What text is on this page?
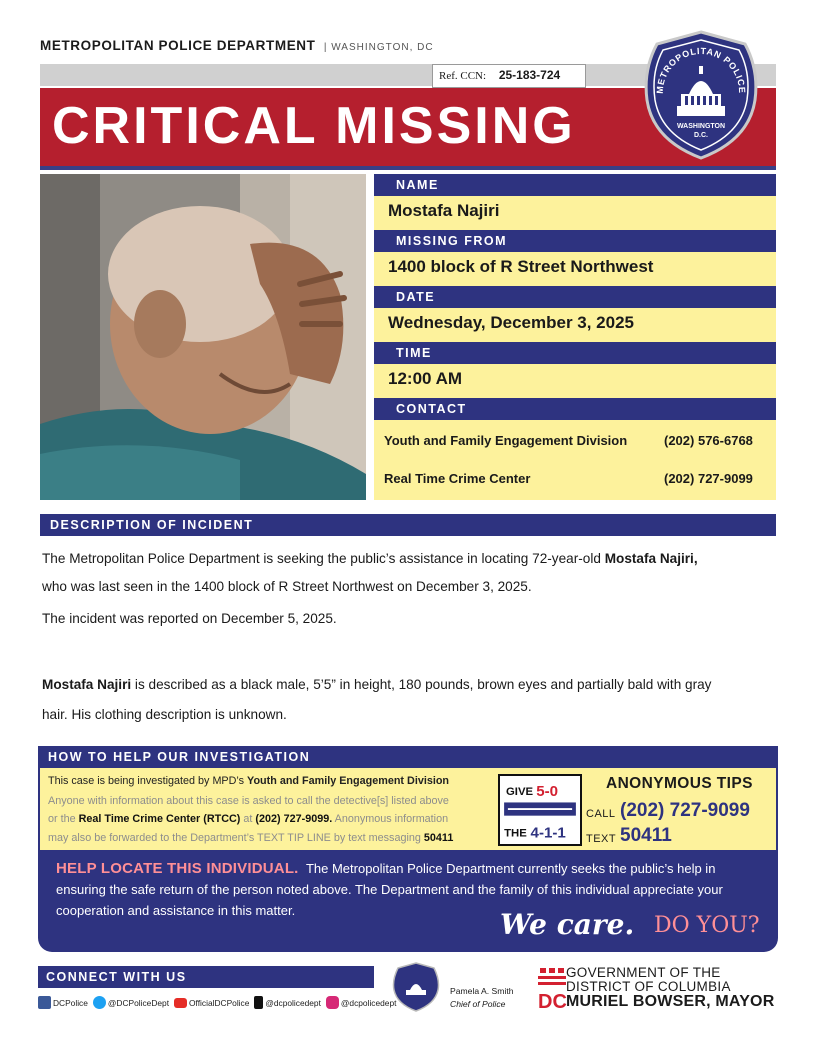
METROPOLITAN POLICE DEPARTMENT | WASHINGTON, DC
Ref. CCN: 25-183-724
CRITICAL MISSING
METROPOLITAN POLICE
WASHINGTON
D.C.
NAME
Mostafa Najiri
MISSING FROM
1400 block of R Street Northwest
DATE
Wednesday, December 3, 2025
TIME
12:00 AM
CONTACT
Youth and Family Engagement Division	(202) 576-6768
Real Time Crime Center	(202) 727-9099
DESCRIPTION OF INCIDENT
The Metropolitan Police Department is seeking the public’s assistance in locating 72-year-old Mostafa Najiri,
who was last seen in the 1400 block of R Street Northwest on December 3, 2025.
The incident was reported on December 5, 2025.
Mostafa Najiri is described as a black male, 5’5” in height, 180 pounds, brown eyes and partially bald with gray
hair. His clothing description is unknown.
HOW TO HELP OUR INVESTIGATION
This case is being investigated by MPD’s Youth and Family Engagement Division
Anyone with information about this case is asked to call the detective[s] listed above
or the Real Time Crime Center (RTCC) at (202) 727-9099. Anonymous information
may also be forwarded to the Department’s TEXT TIP LINE by text messaging 50411
GIVE 5-0
THE 4-1-1
ANONYMOUS TIPS
CALL (202) 727-9099
TEXT 50411
HELP LOCATE THIS INDIVIDUAL. The Metropolitan Police Department currently seeks the public’s help in ensuring the safe return of the person noted above. The Department and the family of this individual appreciate your cooperation and assistance in this matter.	We care. DO YOU?
CONNECT WITH US
DCPolice @DCPoliceDept OfficialDCPolice @dcpolicedept @dcpolicedept
Pamela A. Smith
Chief of Police DC
GOVERNMENT OF THE
DISTRICT OF COLUMBIA
MURIEL BOWSER, MAYOR
